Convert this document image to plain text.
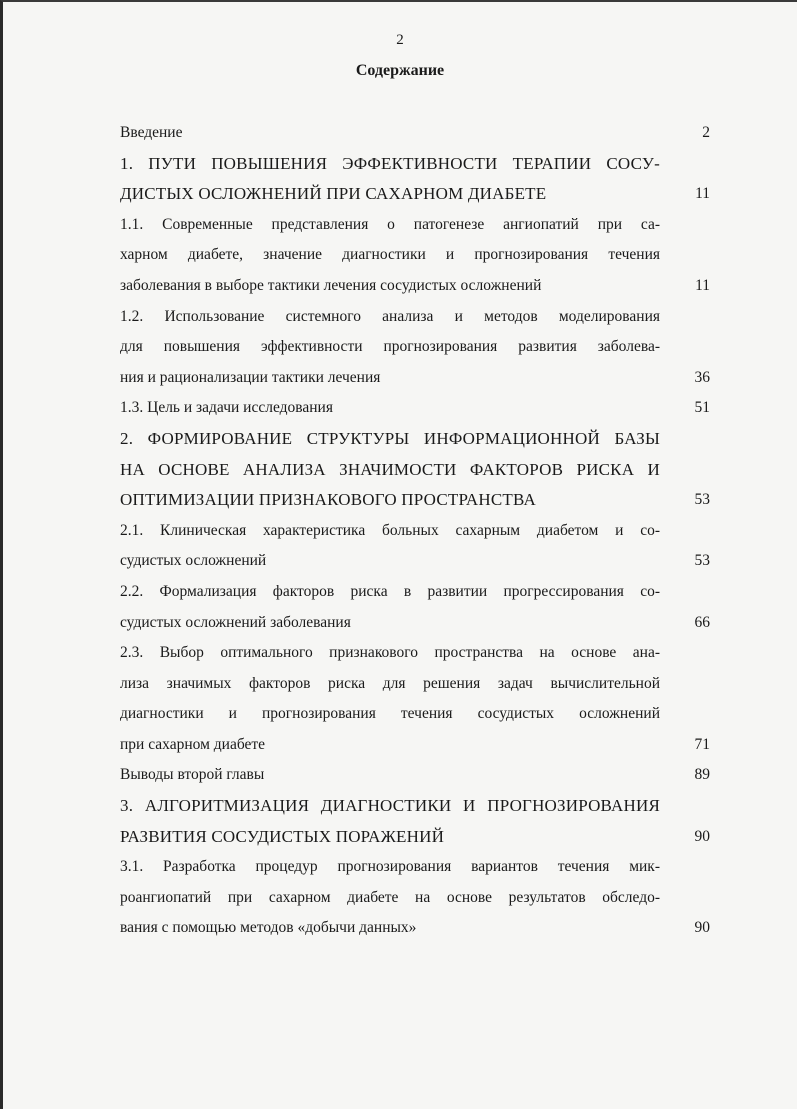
2
Содержание
Введение	2
1. ПУТИ ПОВЫШЕНИЯ ЭФФЕКТИВНОСТИ ТЕРАПИИ СОСУ-
ДИСТЫХ ОСЛОЖНЕНИЙ ПРИ САХАРНОМ ДИАБЕТЕ	11
1.1. Современные представления о патогенезе ангиопатий при са-
харном диабете, значение диагностики и прогнозирования течения
заболевания в выборе тактики лечения сосудистых осложнений	11
1.2. Использование системного анализа и методов моделирования
для повышения эффективности прогнозирования развития заболева-
ния и рационализации тактики лечения	36
1.3. Цель и задачи исследования	51
2. ФОРМИРОВАНИЕ СТРУКТУРЫ ИНФОРМАЦИОННОЙ БАЗЫ
НА ОСНОВЕ АНАЛИЗА ЗНАЧИМОСТИ ФАКТОРОВ РИСКА И
ОПТИМИЗАЦИИ ПРИЗНАКОВОГО ПРОСТРАНСТВА	53
2.1. Клиническая характеристика больных сахарным диабетом и со-
судистых осложнений	53
2.2. Формализация факторов риска в развитии прогрессирования со-
судистых осложнений заболевания	66
2.3. Выбор оптимального признакового пространства на основе ана-
лиза значимых факторов риска для решения задач вычислительной
диагностики и прогнозирования течения сосудистых осложнений
при сахарном диабете	71
Выводы второй главы	89
3. АЛГОРИТМИЗАЦИЯ ДИАГНОСТИКИ И ПРОГНОЗИРОВАНИЯ
РАЗВИТИЯ СОСУДИСТЫХ ПОРАЖЕНИЙ	90
3.1. Разработка процедур прогнозирования вариантов течения мик-
роангиопатий при сахарном диабете на основе результатов обследо-
вания с помощью методов «добычи данных»	90
